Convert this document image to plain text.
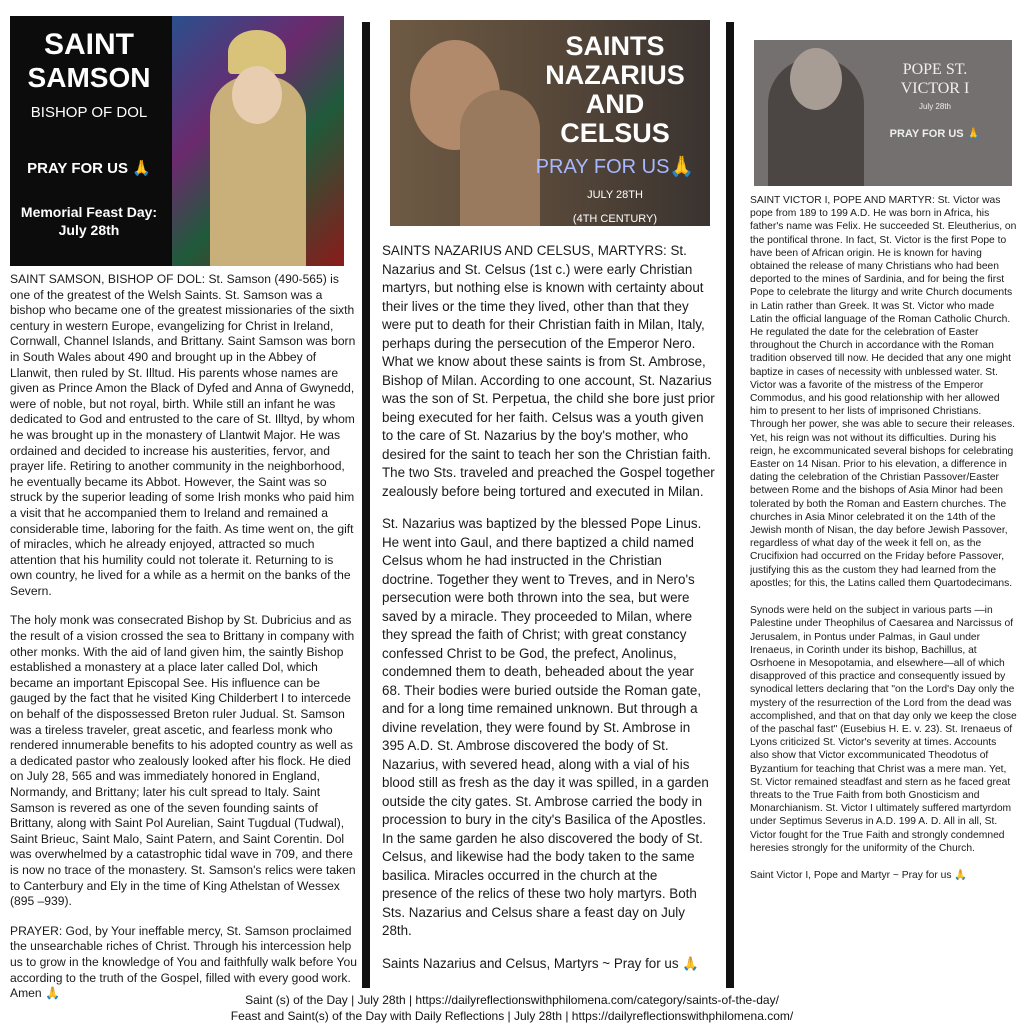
SAINT
SAMSON
BISHOP OF DOL
PRAY FOR US 🙏
Memorial Feast Day:
July 28th

SAINT SAMSON, BISHOP OF DOL: St. Samson (490-565) is one of the greatest of the Welsh Saints. St. Samson was a bishop who became one of the greatest missionaries of the sixth century in western Europe, evangelizing for Christ in Ireland, Cornwall, Channel Islands, and Brittany. Saint Samson was born in South Wales about 490 and brought up in the Abbey of Llanwit, then ruled by St. Illtud. His parents whose names are given as Prince Amon the Black of Dyfed and Anna of Gwynedd, were of noble, but not royal, birth. While still an infant he was dedicated to God and entrusted to the care of St. Illtyd, by whom he was brought up in the monastery of Llantwit Major. He was ordained and decided to increase his austerities, fervor, and prayer life. Retiring to another community in the neighborhood, he eventually became its Abbot. However, the Saint was so struck by the superior leading of some Irish monks who paid him a visit that he accompanied them to Ireland and remained a considerable time, laboring for the faith. As time went on, the gift of miracles, which he already enjoyed, attracted so much attention that his humility could not tolerate it. Returning to is own country, he lived for a while as a hermit on the banks of the Severn.

The holy monk was consecrated Bishop by St. Dubricius and as the result of a vision crossed the sea to Brittany in company with other monks. With the aid of land given him, the saintly Bishop established a monastery at a place later called Dol, which became an important Episcopal See. His influence can be gauged by the fact that he visited King Childerbert I to intercede on behalf of the dispossessed Breton ruler Judual. St. Samson was a tireless traveler, great ascetic, and fearless monk who rendered innumerable benefits to his adopted country as well as a dedicated pastor who zealously looked after his flock. He died on July 28, 565 and was immediately honored in England, Normandy, and Brittany; later his cult spread to Italy. Saint Samson is revered as one of the seven founding saints of Brittany, along with Saint Pol Aurelian, Saint Tugdual (Tudwal), Saint Brieuc, Saint Malo, Saint Patern, and Saint Corentin. Dol was overwhelmed by a catastrophic tidal wave in 709, and there is now no trace of the monastery. St. Samson's relics were taken to Canterbury and Ely in the time of King Athelstan of Wessex (895 –939).

PRAYER: God, by Your ineffable mercy, St. Samson proclaimed the unsearchable riches of Christ. Through his intercession help us to grow in the knowledge of You and faithfully walk before You according to the truth of the Gospel, filled with every good work. Amen 🙏

SAINTS
NAZARIUS
AND CELSUS
PRAY FOR US🙏
JULY 28TH
(4TH CENTURY)

SAINTS NAZARIUS AND CELSUS, MARTYRS: St. Nazarius and St. Celsus (1st c.) were early Christian martyrs, but nothing else is known with certainty about their lives or the time they lived, other than that they were put to death for their Christian faith in Milan, Italy, perhaps during the persecution of the Emperor Nero. What we know about these saints is from St. Ambrose, Bishop of Milan. According to one account, St. Nazarius was the son of St. Perpetua, the child she bore just prior being executed for her faith. Celsus was a youth given to the care of St. Nazarius by the boy's mother, who desired for the saint to teach her son the Christian faith. The two Sts. traveled and preached the Gospel together zealously before being tortured and executed in Milan.

St. Nazarius was baptized by the blessed Pope Linus. He went into Gaul, and there baptized a child named Celsus whom he had instructed in the Christian doctrine. Together they went to Treves, and in Nero's persecution were both thrown into the sea, but were saved by a miracle. They proceeded to Milan, where they spread the faith of Christ; with great constancy confessed Christ to be God, the prefect, Anolinus, condemned them to death, beheaded about the year 68. Their bodies were buried outside the Roman gate, and for a long time remained unknown. But through a divine revelation, they were found by St. Ambrose in 395 A.D. St. Ambrose discovered the body of St. Nazarius, with severed head, along with a vial of his blood still as fresh as the day it was spilled, in a garden outside the city gates. St. Ambrose carried the body in procession to bury in the city's Basilica of the Apostles. In the same garden he also discovered the body of St. Celsus, and likewise had the body taken to the same basilica. Miracles occurred in the church at the presence of the relics of these two holy martyrs. Both Sts. Nazarius and Celsus share a feast day on July 28th.

Saints Nazarius and Celsus, Martyrs ~ Pray for us 🙏

POPE ST.
VICTOR I
July 28th
PRAY FOR US 🙏

SAINT VICTOR I, POPE AND MARTYR: St. Victor was pope from 189 to 199 A.D. He was born in Africa, his father's name was Felix. He succeeded St. Eleutherius, on the pontifical throne. In fact, St. Victor is the first Pope to have been of African origin. He is known for having obtained the release of many Christians who had been deported to the mines of Sardinia, and for being the first Pope to celebrate the liturgy and write Church documents in Latin rather than Greek. It was St. Victor who made Latin the official language of the Roman Catholic Church. He regulated the date for the celebration of Easter throughout the Church in accordance with the Roman tradition observed till now. He decided that any one might baptize in cases of necessity with unblessed water. St. Victor was a favorite of the mistress of the Emperor Commodus, and his good relationship with her allowed him to present to her lists of imprisoned Christians. Through her power, she was able to secure their releases. Yet, his reign was not without its difficulties. During his reign, he excommunicated several bishops for celebrating Easter on 14 Nisan. Prior to his elevation, a difference in dating the celebration of the Christian Passover/Easter between Rome and the bishops of Asia Minor had been tolerated by both the Roman and Eastern churches. The churches in Asia Minor celebrated it on the 14th of the Jewish month of Nisan, the day before Jewish Passover, regardless of what day of the week it fell on, as the Crucifixion had occurred on the Friday before Passover, justifying this as the custom they had learned from the apostles; for this, the Latins called them Quartodecimans.

Synods were held on the subject in various parts —in Palestine under Theophilus of Caesarea and Narcissus of Jerusalem, in Pontus under Palmas, in Gaul under Irenaeus, in Corinth under its bishop, Bachillus, at Osrhoene in Mesopotamia, and elsewhere—all of which disapproved of this practice and consequently issued by synodical letters declaring that "on the Lord's Day only the mystery of the resurrection of the Lord from the dead was accomplished, and that on that day only we keep the close of the paschal fast" (Eusebius H. E. v. 23). St. Irenaeus of Lyons criticized St. Victor's severity at times. Accounts also show that Victor excommunicated Theodotus of Byzantium for teaching that Christ was a mere man. Yet, St. Victor remained steadfast and stern as he faced great threats to the True Faith from both Gnosticism and Monarchianism. St. Victor I ultimately suffered martyrdom under Septimus Severus in A.D. 199 A. D. All in all, St. Victor fought for the True Faith and strongly condemned heresies strongly for the uniformity of the Church.

Saint Victor I, Pope and Martyr ~ Pray for us 🙏

Saint (s) of the Day | July 28th | https://dailyreflectionswithphilomena.com/category/saints-of-the-day/
Feast and Saint(s) of the Day with Daily Reflections | July 28th | https://dailyreflectionswithphilomena.com/
